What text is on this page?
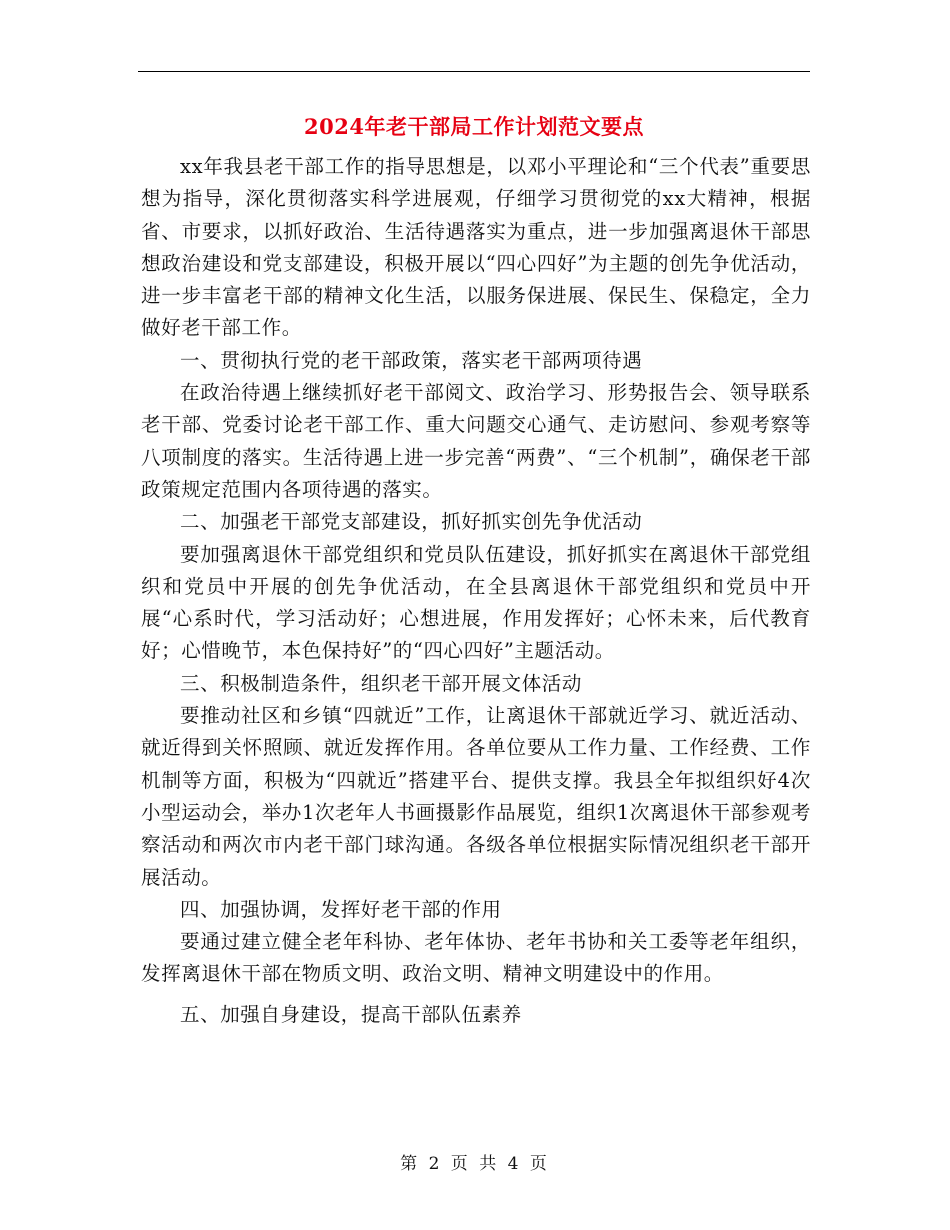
2024年老干部局工作计划范文要点

xx年我县老干部工作的指导思想是，以邓小平理论和“三个代表”重要思想为指导，深化贯彻落实科学进展观，仔细学习贯彻党的xx大精神，根据省、市要求，以抓好政治、生活待遇落实为重点，进一步加强离退休干部思想政治建设和党支部建设，积极开展以“四心四好”为主题的创先争优活动，进一步丰富老干部的精神文化生活，以服务保进展、保民生、保稳定，全力做好老干部工作。

一、贯彻执行党的老干部政策，落实老干部两项待遇

在政治待遇上继续抓好老干部阅文、政治学习、形势报告会、领导联系老干部、党委讨论老干部工作、重大问题交心通气、走访慰问、参观考察等八项制度的落实。生活待遇上进一步完善“两费”、“三个机制”，确保老干部政策规定范围内各项待遇的落实。

二、加强老干部党支部建设，抓好抓实创先争优活动

要加强离退休干部党组织和党员队伍建设，抓好抓实在离退休干部党组织和党员中开展的创先争优活动，在全县离退休干部党组织和党员中开展“心系时代，学习活动好；心想进展，作用发挥好；心怀未来，后代教育好；心惜晚节，本色保持好”的“四心四好”主题活动。

三、积极制造条件，组织老干部开展文体活动

要推动社区和乡镇“四就近”工作，让离退休干部就近学习、就近活动、就近得到关怀照顾、就近发挥作用。各单位要从工作力量、工作经费、工作机制等方面，积极为“四就近”搭建平台、提供支撑。我县全年拟组织好4次小型运动会，举办1次老年人书画摄影作品展览，组织1次离退休干部参观考察活动和两次市内老干部门球沟通。各级各单位根据实际情况组织老干部开展活动。

四、加强协调，发挥好老干部的作用

要通过建立健全老年科协、老年体协、老年书协和关工委等老年组织，发挥离退休干部在物质文明、政治文明、精神文明建设中的作用。

五、加强自身建设，提高干部队伍素养

第 2 页 共 4 页
